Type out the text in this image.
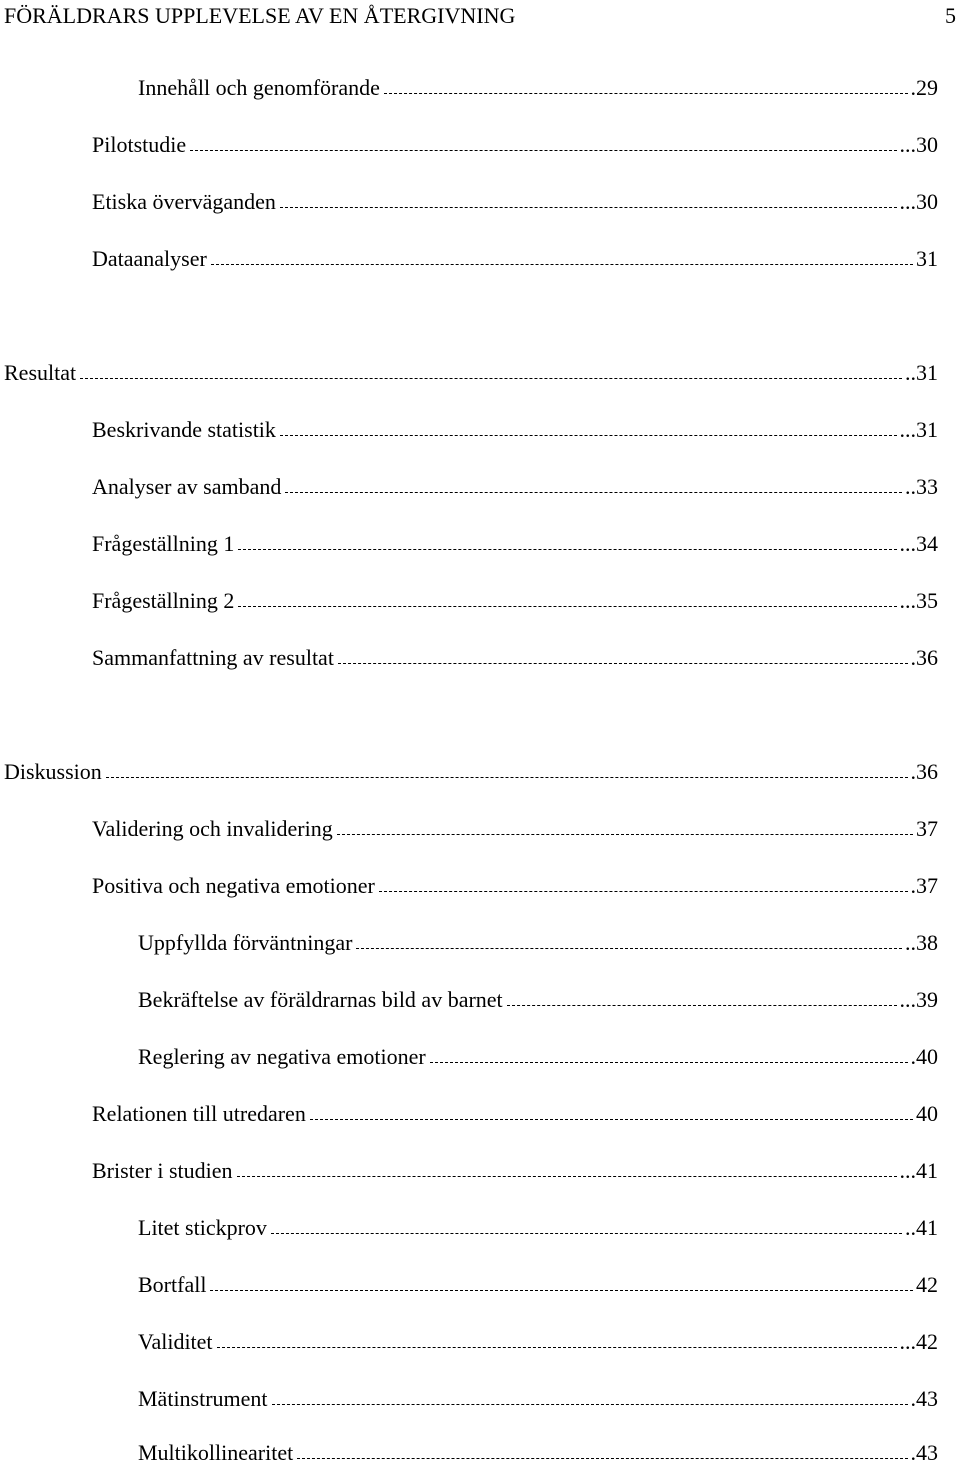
FÖRÄLDRARS UPPLEVELSE AV EN ÅTERGIVNING	5
Innehåll och genomförande	.29
Pilotstudie	...30
Etiska överväganden	...30
Dataanalyser	31
Resultat	..31
Beskrivande statistik	...31
Analyser av samband	..33
Frågeställning 1	...34
Frågeställning 2	...35
Sammanfattning av resultat	.36
Diskussion	.36
Validering och invalidering	37
Positiva och negativa emotioner	.37
Uppfyllda förväntningar	..38
Bekräftelse av föräldrarnas bild av barnet	...39
Reglering av negativa emotioner	.40
Relationen till utredaren	40
Brister i studien	...41
Litet stickprov	..41
Bortfall	42
Validitet	...42
Mätinstrument	.43
Multikollinearitet	.43
